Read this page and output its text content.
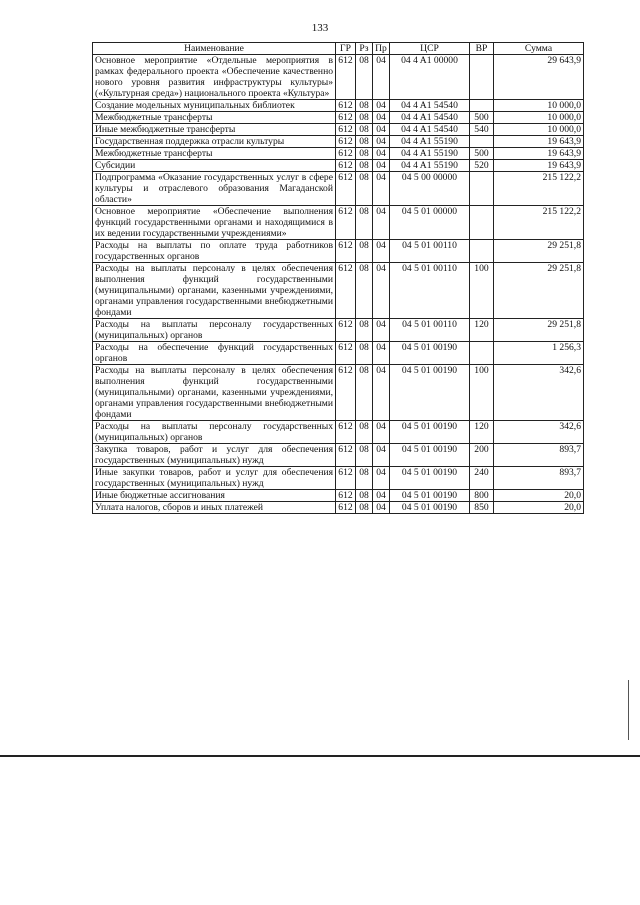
133
Наименование	ГР	Рз	Пр	ЦСР	ВР	Сумма
Основное мероприятие «Отдельные мероприятия в рамках федерального проекта «Обеспечение качественно нового уровня развития инфраструктуры культуры» («Культурная среда») национального проекта «Культура»	612	08	04	04 4 A1 00000		29 643,9
Создание модельных муниципальных библиотек	612	08	04	04 4 A1 54540		10 000,0
Межбюджетные трансферты	612	08	04	04 4 A1 54540	500	10 000,0
Иные межбюджетные трансферты	612	08	04	04 4 A1 54540	540	10 000,0
Государственная поддержка отрасли культуры	612	08	04	04 4 A1 55190		19 643,9
Межбюджетные трансферты	612	08	04	04 4 A1 55190	500	19 643,9
Субсидии	612	08	04	04 4 A1 55190	520	19 643,9
Подпрограмма «Оказание государственных услуг в сфере культуры и отраслевого образования Магаданской области»	612	08	04	04 5 00 00000		215 122,2
Основное мероприятие «Обеспечение выполнения функций государственными органами и находящимися в их ведении государственными учреждениями»	612	08	04	04 5 01 00000		215 122,2
Расходы на выплаты по оплате труда работников государственных органов	612	08	04	04 5 01 00110		29 251,8
Расходы на выплаты персоналу в целях обеспечения выполнения функций государственными (муниципальными) органами, казенными учреждениями, органами управления государственными внебюджетными фондами	612	08	04	04 5 01 00110	100	29 251,8
Расходы на выплаты персоналу государственных (муниципальных) органов	612	08	04	04 5 01 00110	120	29 251,8
Расходы на обеспечение функций государственных органов	612	08	04	04 5 01 00190		1 256,3
Расходы на выплаты персоналу в целях обеспечения выполнения функций государственными (муниципальными) органами, казенными учреждениями, органами управления государственными внебюджетными фондами	612	08	04	04 5 01 00190	100	342,6
Расходы на выплаты персоналу государственных (муниципальных) органов	612	08	04	04 5 01 00190	120	342,6
Закупка товаров, работ и услуг для обеспечения государственных (муниципальных) нужд	612	08	04	04 5 01 00190	200	893,7
Иные закупки товаров, работ и услуг для обеспечения государственных (муниципальных) нужд	612	08	04	04 5 01 00190	240	893,7
Иные бюджетные ассигнования	612	08	04	04 5 01 00190	800	20,0
Уплата налогов, сборов и иных платежей	612	08	04	04 5 01 00190	850	20,0
